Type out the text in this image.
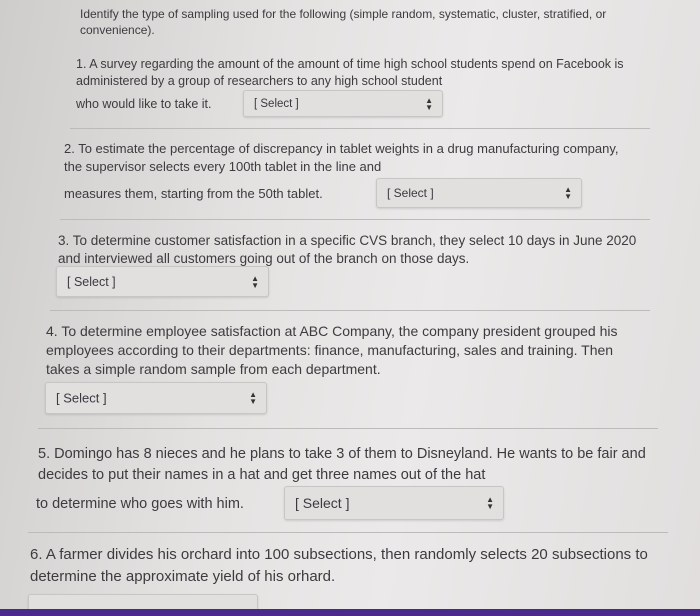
Identify the type of sampling used for the following (simple random, systematic, cluster, stratified, or convenience).
1. A survey regarding the amount of the amount of time high school students spend on Facebook is administered by a group of researchers to any high school student
who would like to take it.	[ Select ]	▲
▼
2. To estimate the percentage of discrepancy in tablet weights in a drug manufacturing company, the supervisor selects every 100th tablet in the line and
measures them, starting from the 50th tablet.	[ Select ]	▲
▼
3. To determine customer satisfaction in a specific CVS branch, they select 10 days in June 2020 and interviewed all customers going out of the branch on those days.
[ Select ]	▲
▼
4. To determine employee satisfaction at ABC Company, the company president grouped his employees according to their departments: finance, manufacturing, sales and training. Then takes a simple random sample from each department.
[ Select ]	▲
▼
5. Domingo has 8 nieces and he plans to take 3 of them to Disneyland. He wants to be fair and decides to put their names in a hat and get three names out of the hat
to determine who goes with him.	[ Select ]	▲
▼
6. A farmer divides his orchard into 100 subsections, then randomly selects 20 subsections to determine the approximate yield of his orhard.
